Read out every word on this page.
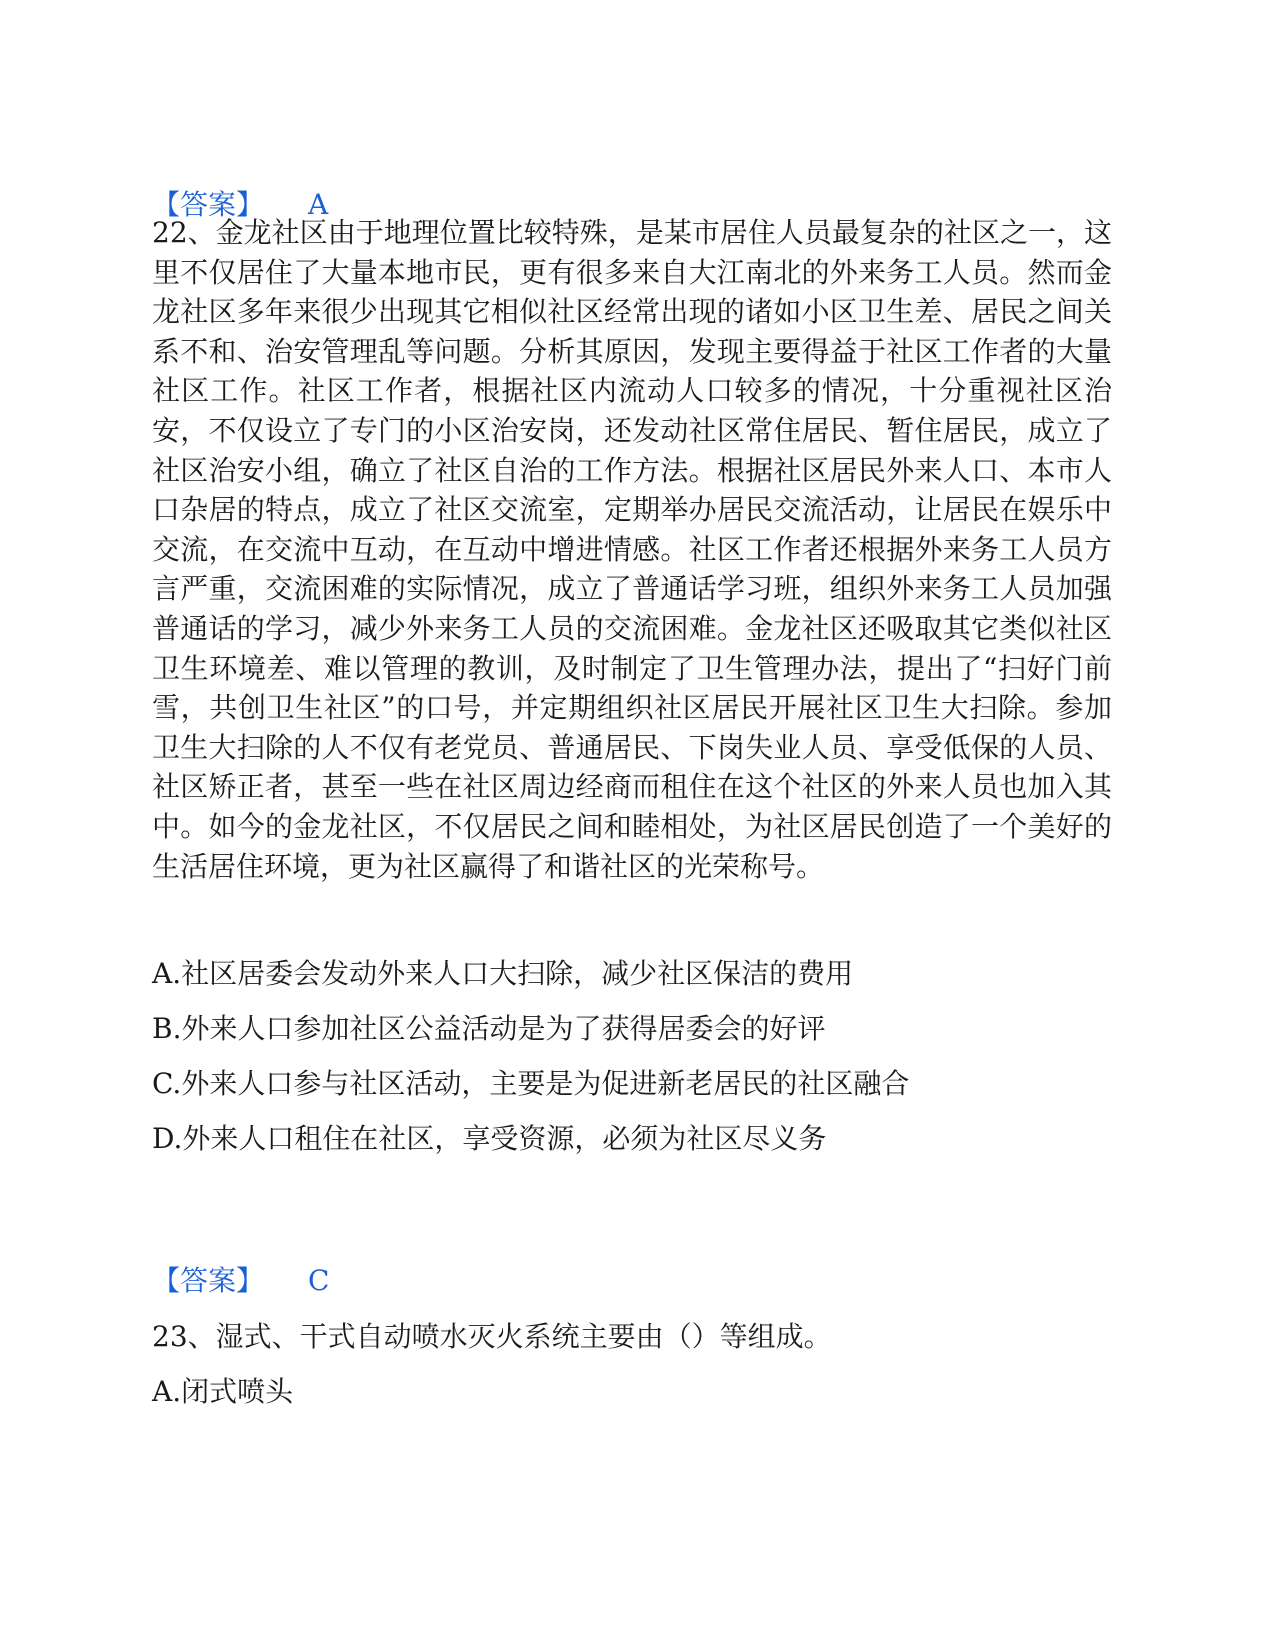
【答案】 A

22、金龙社区由于地理位置比较特殊，是某市居住人员最复杂的社区之一，这里不仅居住了大量本地市民，更有很多来自大江南北的外来务工人员。然而金龙社区多年来很少出现其它相似社区经常出现的诸如小区卫生差、居民之间关系不和、治安管理乱等问题。分析其原因，发现主要得益于社区工作者的大量社区工作。社区工作者，根据社区内流动人口较多的情况，十分重视社区治安，不仅设立了专门的小区治安岗，还发动社区常住居民、暂住居民，成立了社区治安小组，确立了社区自治的工作方法。根据社区居民外来人口、本市人口杂居的特点，成立了社区交流室，定期举办居民交流活动，让居民在娱乐中交流，在交流中互动，在互动中增进情感。社区工作者还根据外来务工人员方言严重，交流困难的实际情况，成立了普通话学习班，组织外来务工人员加强普通话的学习，减少外来务工人员的交流困难。金龙社区还吸取其它类似社区卫生环境差、难以管理的教训，及时制定了卫生管理办法，提出了“扫好门前雪，共创卫生社区”的口号，并定期组织社区居民开展社区卫生大扫除。参加卫生大扫除的人不仅有老党员、普通居民、下岗失业人员、享受低保的人员、社区矫正者，甚至一些在社区周边经商而租住在这个社区的外来人员也加入其中。如今的金龙社区，不仅居民之间和睦相处，为社区居民创造了一个美好的生活居住环境，更为社区赢得了和谐社区的光荣称号。

A.社区居委会发动外来人口大扫除，减少社区保洁的费用
B.外来人口参加社区公益活动是为了获得居委会的好评
C.外来人口参与社区活动，主要是为促进新老居民的社区融合
D.外来人口租住在社区，享受资源，必须为社区尽义务
【答案】 C
23、湿式、干式自动喷水灭火系统主要由（）等组成。
A.闭式喷头
